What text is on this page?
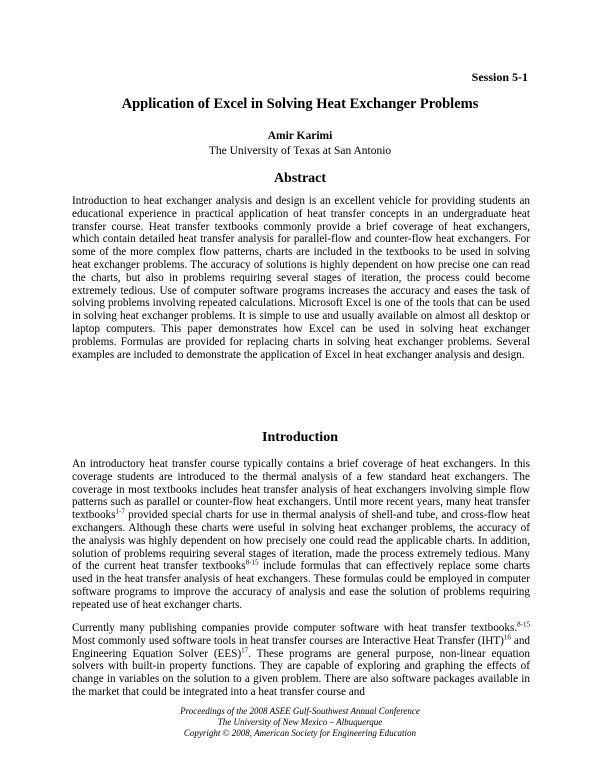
Session 5-1
Application of Excel in Solving Heat Exchanger Problems
Amir Karimi
The University of Texas at San Antonio
Abstract

Introduction to heat exchanger analysis and design is an excellent vehicle for providing students an educational experience in practical application of heat transfer concepts in an undergraduate heat transfer course. Heat transfer textbooks commonly provide a brief coverage of heat exchangers, which contain detailed heat transfer analysis for parallel-flow and counter-flow heat exchangers. For some of the more complex flow patterns, charts are included in the textbooks to be used in solving heat exchanger problems. The accuracy of solutions is highly dependent on how precise one can read the charts, but also in problems requiring several stages of iteration, the process could become extremely tedious. Use of computer software programs increases the accuracy and eases the task of solving problems involving repeated calculations. Microsoft Excel is one of the tools that can be used in solving heat exchanger problems. It is simple to use and usually available on almost all desktop or laptop computers. This paper demonstrates how Excel can be used in solving heat exchanger problems. Formulas are provided for replacing charts in solving heat exchanger problems. Several examples are included to demonstrate the application of Excel in heat exchanger analysis and design.

Introduction

An introductory heat transfer course typically contains a brief coverage of heat exchangers. In this coverage students are introduced to the thermal analysis of a few standard heat exchangers. The coverage in most textbooks includes heat transfer analysis of heat exchangers involving simple flow patterns such as parallel or counter-flow heat exchangers. Until more recent years, many heat transfer textbooks$^{1-7}$ provided special charts for use in thermal analysis of shell-and tube, and cross-flow heat exchangers. Although these charts were useful in solving heat exchanger problems, the accuracy of the analysis was highly dependent on how precisely one could read the applicable charts. In addition, solution of problems requiring several stages of iteration, made the process extremely tedious. Many of the current heat transfer textbooks$^{8-15}$ include formulas that can effectively replace some charts used in the heat transfer analysis of heat exchangers. These formulas could be employed in computer software programs to improve the accuracy of analysis and ease the solution of problems requiring repeated use of heat exchanger charts.

Currently many publishing companies provide computer software with heat transfer textbooks.$^{8-15}$ Most commonly used software tools in heat transfer courses are Interactive Heat Transfer (IHT)$^{16}$ and Engineering Equation Solver (EES)$^{17}$. These programs are general purpose, non-linear equation solvers with built-in property functions. They are capable of exploring and graphing the effects of change in variables on the solution to a given problem. There are also software packages available in the market that could be integrated into a heat transfer course and

Proceedings of the 2008 ASEE Gulf-Southwest Annual Conference
The University of New Mexico – Albuquerque
Copyright © 2008, American Society for Engineering Education
